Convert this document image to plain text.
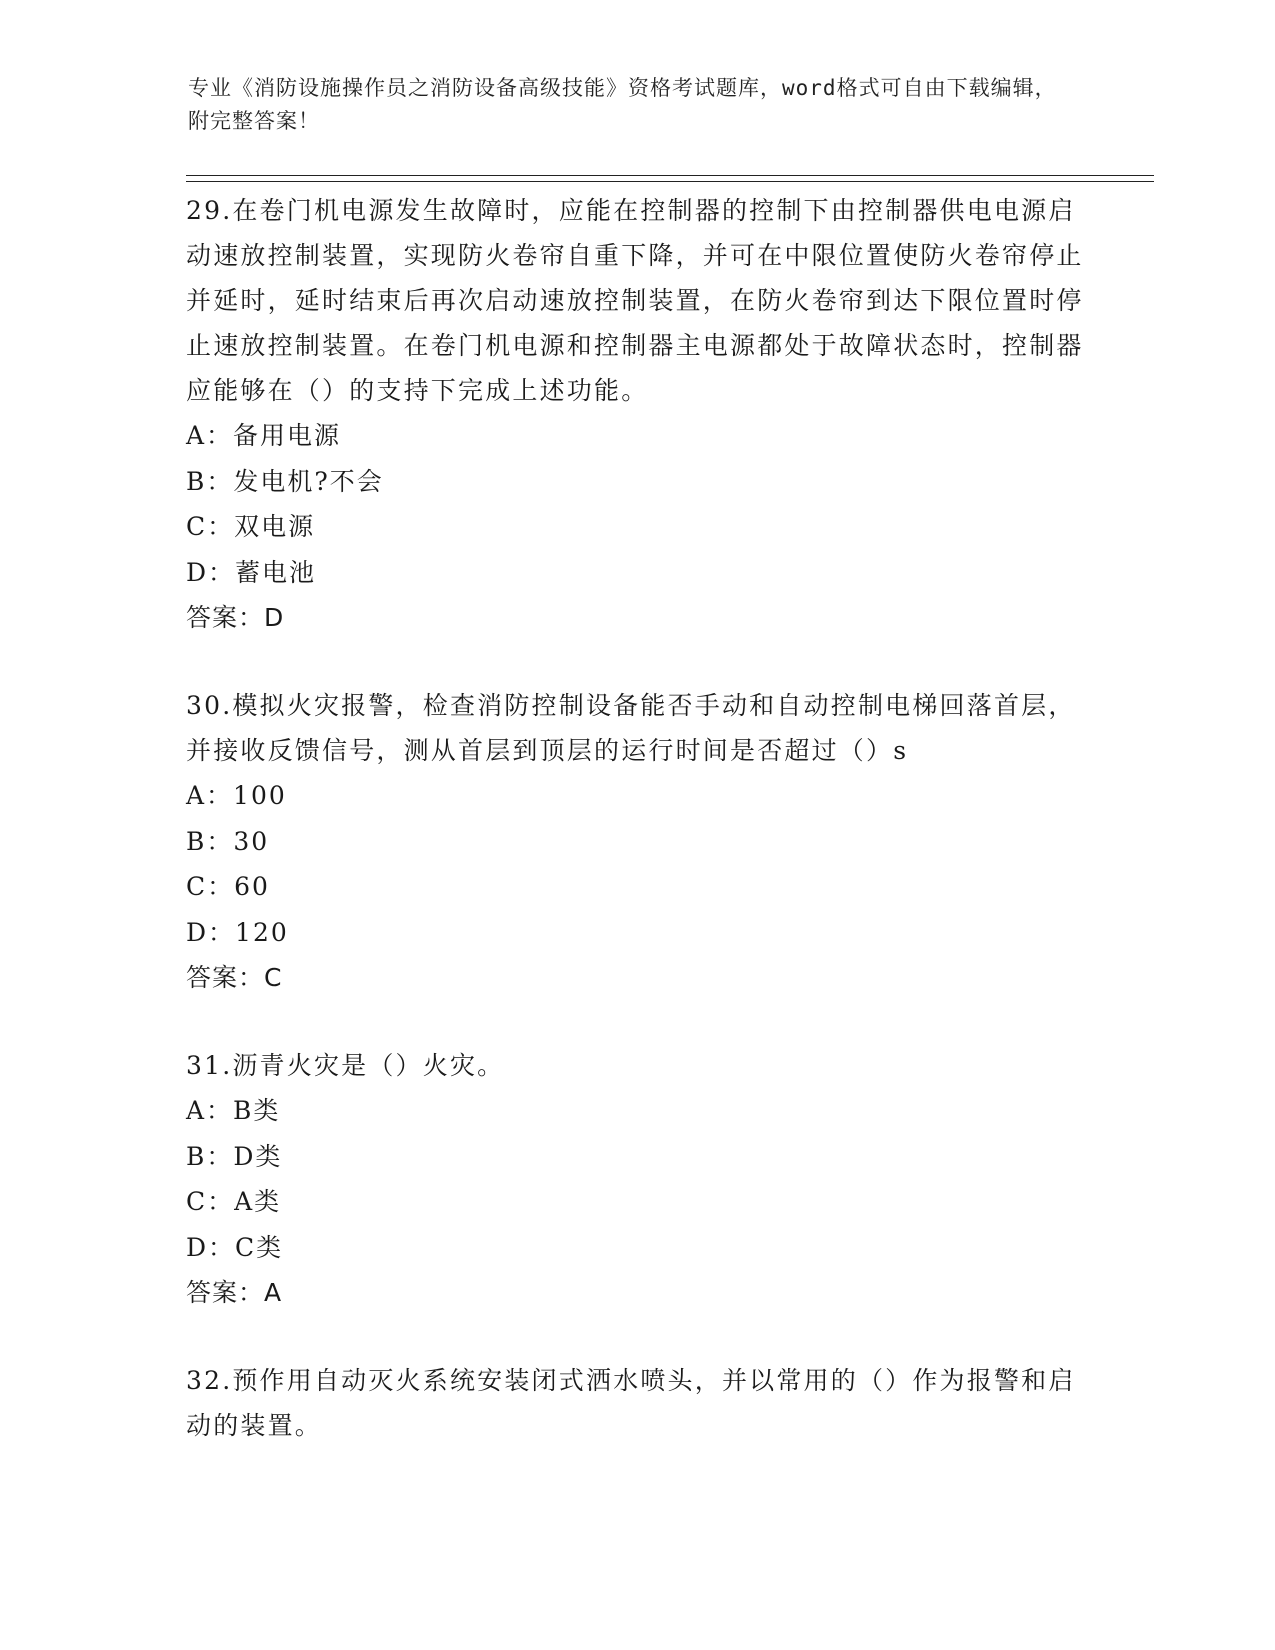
专业《消防设施操作员之消防设备高级技能》资格考试题库，word格式可自由下载编辑，附完整答案！
29.在卷门机电源发生故障时，应能在控制器的控制下由控制器供电电源启动速放控制装置，实现防火卷帘自重下降，并可在中限位置使防火卷帘停止并延时，延时结束后再次启动速放控制装置，在防火卷帘到达下限位置时停止速放控制装置。在卷门机电源和控制器主电源都处于故障状态时，控制器应能够在（）的支持下完成上述功能。
A：备用电源
B：发电机?不会
C：双电源
D：蓄电池
答案：D
30.模拟火灾报警，检查消防控制设备能否手动和自动控制电梯回落首层，并接收反馈信号，测从首层到顶层的运行时间是否超过（）s
A：100
B：30
C：60
D：120
答案：C
31.沥青火灾是（）火灾。
A：B类
B：D类
C：A类
D：C类
答案：A
32.预作用自动灭火系统安装闭式洒水喷头，并以常用的（）作为报警和启动的装置。
